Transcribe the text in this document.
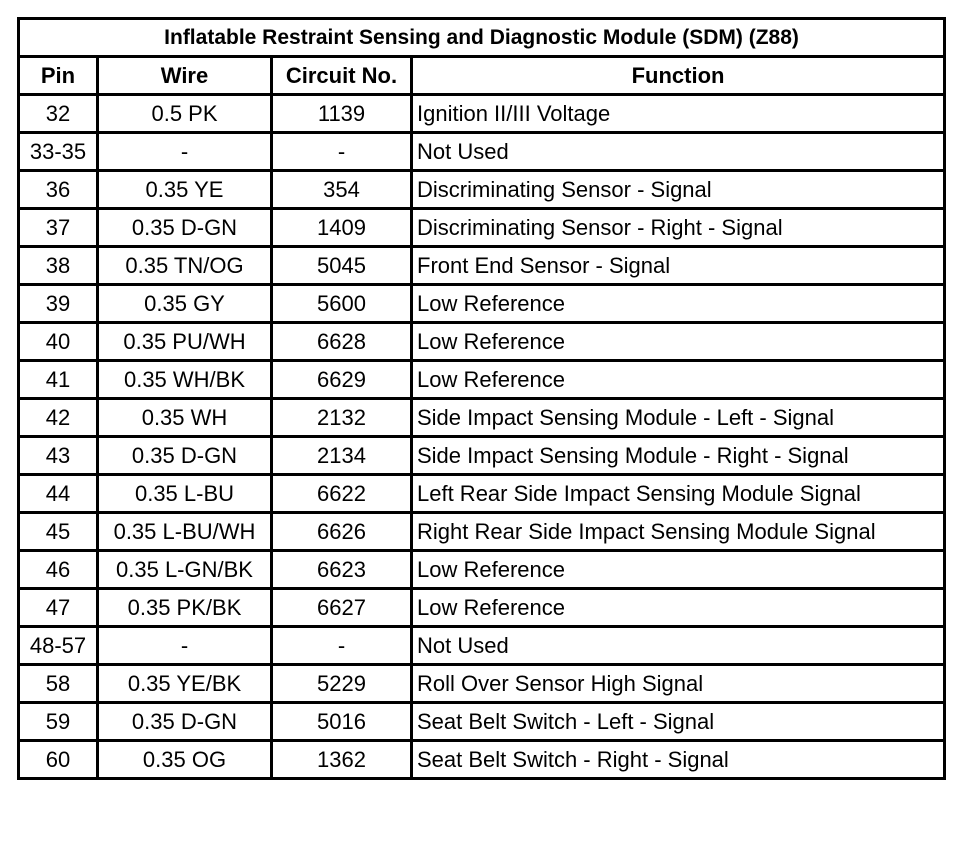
Inflatable Restraint Sensing and Diagnostic Module (SDM) (Z88)			
Pin	Wire	Circuit No.	Function
32	0.5 PK	1139	Ignition II/III Voltage
33-35	-	-	Not Used
36	0.35 YE	354	Discriminating Sensor - Signal
37	0.35 D-GN	1409	Discriminating Sensor - Right - Signal
38	0.35 TN/OG	5045	Front End Sensor - Signal
39	0.35 GY	5600	Low Reference
40	0.35 PU/WH	6628	Low Reference
41	0.35 WH/BK	6629	Low Reference
42	0.35 WH	2132	Side Impact Sensing Module - Left - Signal
43	0.35 D-GN	2134	Side Impact Sensing Module - Right - Signal
44	0.35 L-BU	6622	Left Rear Side Impact Sensing Module Signal
45	0.35 L-BU/WH	6626	Right Rear Side Impact Sensing Module Signal
46	0.35 L-GN/BK	6623	Low Reference
47	0.35 PK/BK	6627	Low Reference
48-57	-	-	Not Used
58	0.35 YE/BK	5229	Roll Over Sensor High Signal
59	0.35 D-GN	5016	Seat Belt Switch - Left - Signal
60	0.35 OG	1362	Seat Belt Switch - Right - Signal
